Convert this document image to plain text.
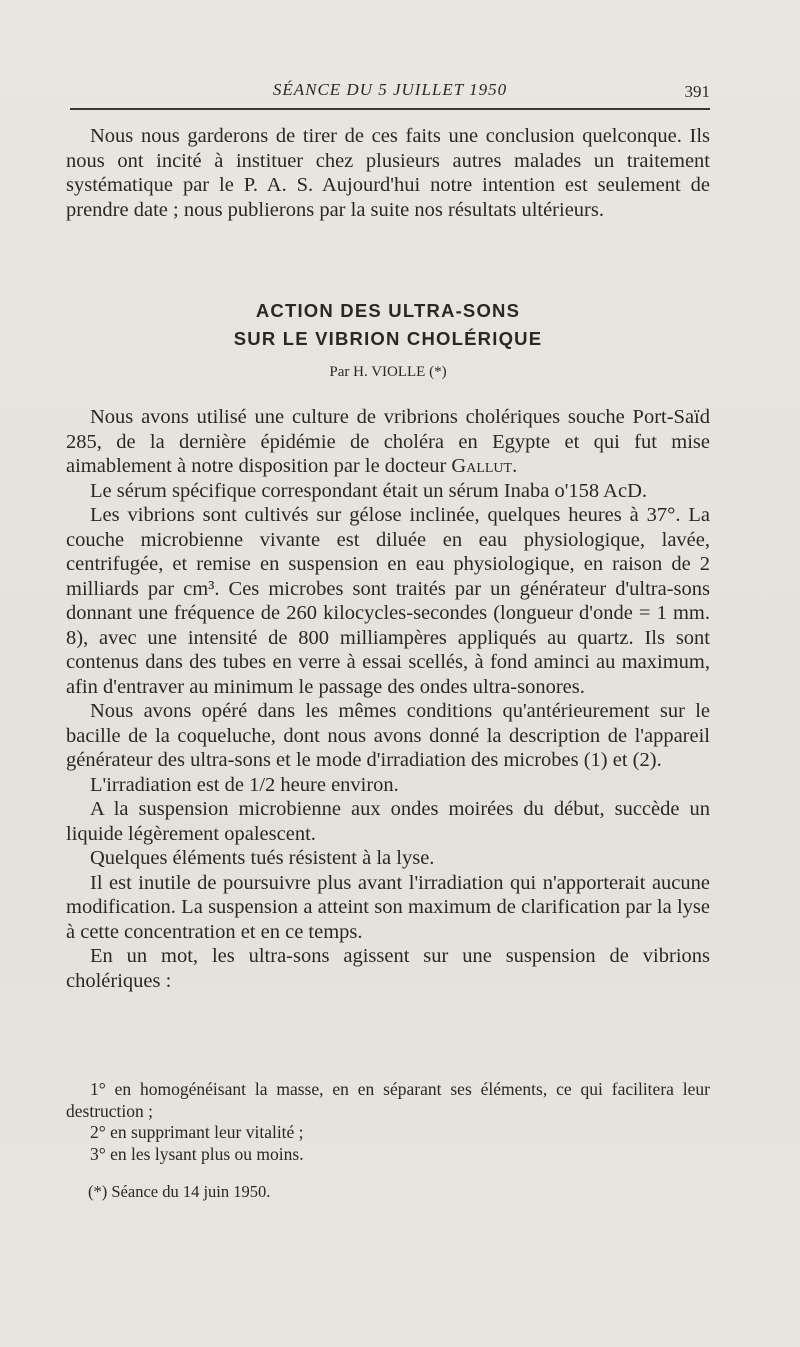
SÉANCE DU 5 JUILLET 1950	391

Nous nous garderons de tirer de ces faits une conclusion quelconque. Ils nous ont incité à instituer chez plusieurs autres malades un traitement systématique par le P. A. S. Aujourd'hui notre intention est seulement de prendre date ; nous publierons par la suite nos résultats ultérieurs.

ACTION DES ULTRA-SONS
SUR LE VIBRION CHOLÉRIQUE
Par H. VIOLLE (*)

Nous avons utilisé une culture de vribrions cholériques souche Port-Saïd 285, de la dernière épidémie de choléra en Egypte et qui fut mise aimablement à notre disposition par le docteur Gallut.

Le sérum spécifique correspondant était un sérum Inaba o'158 AcD.

Les vibrions sont cultivés sur gélose inclinée, quelques heures à 37°. La couche microbienne vivante est diluée en eau physiologique, lavée, centrifugée, et remise en suspension en eau physiologique, en raison de 2 milliards par cm³. Ces microbes sont traités par un générateur d'ultra-sons donnant une fréquence de 260 kilocycles-secondes (longueur d'onde = 1 mm. 8), avec une intensité de 800 milliampères appliqués au quartz. Ils sont contenus dans des tubes en verre à essai scellés, à fond aminci au maximum, afin d'entraver au minimum le passage des ondes ultra-sonores.

Nous avons opéré dans les mêmes conditions qu'antérieurement sur le bacille de la coqueluche, dont nous avons donné la description de l'appareil générateur des ultra-sons et le mode d'irradiation des microbes (1) et (2).

L'irradiation est de 1/2 heure environ.

A la suspension microbienne aux ondes moirées du début, succède un liquide légèrement opalescent.

Quelques éléments tués résistent à la lyse.

Il est inutile de poursuivre plus avant l'irradiation qui n'apporterait aucune modification. La suspension a atteint son maximum de clarification par la lyse à cette concentration et en ce temps.

En un mot, les ultra-sons agissent sur une suspension de vibrions cholériques :

1° en homogénéisant la masse, en en séparant ses éléments, ce qui facilitera leur destruction ;

2° en supprimant leur vitalité ;

3° en les lysant plus ou moins.

(*) Séance du 14 juin 1950.
